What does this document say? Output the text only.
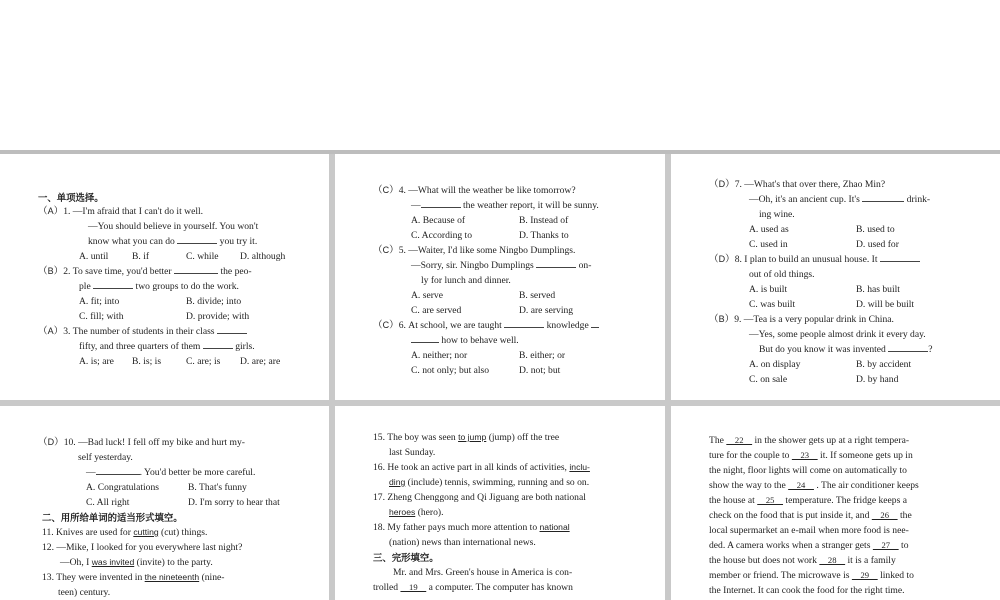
一、单项选择。
（A）1. —I'm afraid that I can't do it well.
—You should believe in yourself. You won't
know what you can do	you try it.
A. until B. if	C. while D. although
（B）2. To save time, you'd better	the peo-
ple	two groups to do the work.
A. fit; into	B. divide; into
C. fill; with	D. provide; with
（A）3. The number of students in their class
fifty, and three quarters of them	girls.
A. is; are B. is; is	C. are; is D. are; are
（C）4. —What will the weather be like tomorrow?
—	the weather report, it will be sunny.
A. Because of	B. Instead of
C. According to	D. Thanks to
（C）5. —Waiter, I'd like some Ningbo Dumplings.
—Sorry, sir. Ningbo Dumplings	on-
ly for lunch and dinner.
A. serve	B. served
C. are served	D. are serving
（C）6. At school, we are taught	knowledge
how to behave well.
A. neither; nor	B. either; or
C. not only; but also	D. not; but
（D）7. —What's that over there, Zhao Min?
—Oh, it's an ancient cup. It's	drink-
ing wine.
A. used as	B. used to
C. used in	D. used for
（D）8. I plan to build an unusual house. It
out of old things.
A. is built	B. has built
C. was built	D. will be built
（B）9. —Tea is a very popular drink in China.
—Yes, some people almost drink it every day.
But do you know it was invented	?
A. on display	B. by accident
C. on sale	D. by hand
（D）10. —Bad luck! I fell off my bike and hurt my-
self yesterday.
—	. You'd better be more careful.
A. Congratulations	B. That's funny
C. All right	D. I'm sorry to hear that
二、用所给单词的适当形式填空。
11. Knives are used for cutting (cut) things.
12. —Mike, I looked for you everywhere last night?
—Oh, I was invited (invite) to the party.
13. They were invented in the nineteenth (nine-
teen) century.
15. The boy was seen to jump (jump) off the tree
last Sunday.
16. He took an active part in all kinds of activities, inclu-
ding (include) tennis, swimming, running and so on.
17. Zheng Chenggong and Qi Jiguang are both national
heroes (hero).
18. My father pays much more attention to national
(nation) news than international news.
三、完形填空。
Mr. and Mrs. Green's house in America is con-
trolled  19  a computer. The computer has known
The  22  in the shower gets up at a right tempera-
ture for the couple to  23  it. If someone gets up in
the night, floor lights will come on automatically to
show the way to the  24  . The air conditioner keeps
the house at  25  temperature. The fridge keeps a
check on the food that is put inside it, and  26  the
local supermarket an e-mail when more food is nee-
ded. A camera works when a stranger gets  27  to
the house but does not work  28  it is a family
member or friend. The microwave is  29  linked to
the Internet. It can cook the food for the right time.
